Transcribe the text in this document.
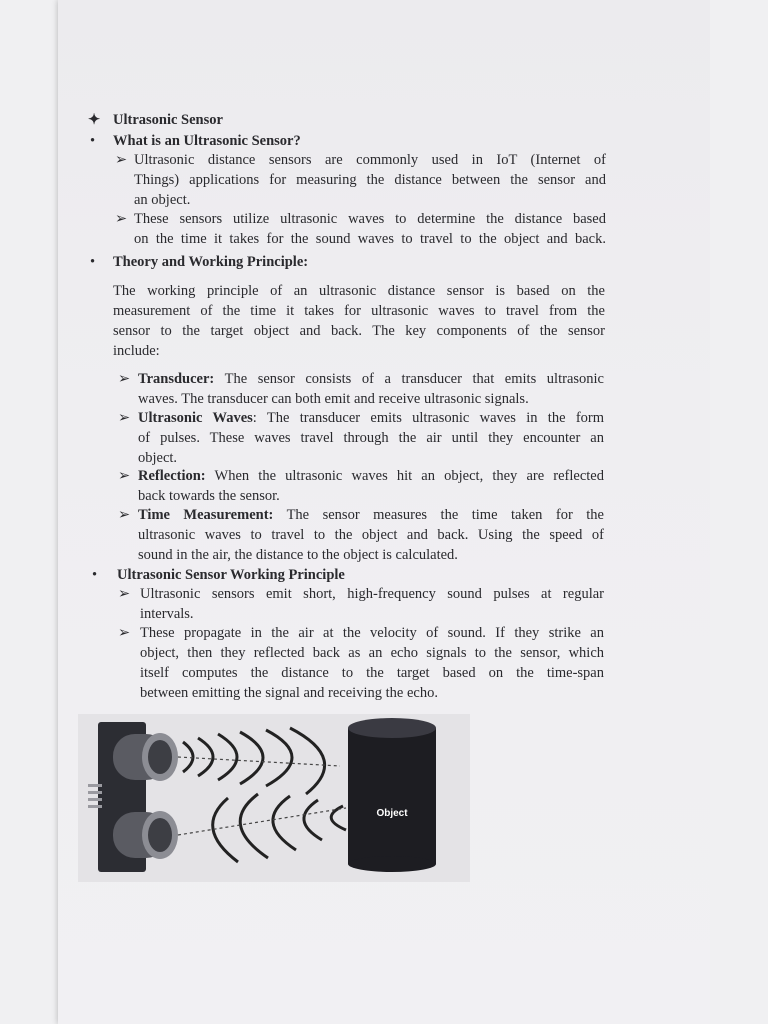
✦ Ultrasonic Sensor
• What is an Ultrasonic Sensor?
➢ Ultrasonic distance sensors are commonly used in IoT (Internet of
Things) applications for measuring the distance between the sensor and
an object.
➢ These sensors utilize ultrasonic waves to determine the distance based
on the time it takes for the sound waves to travel to the object and back.
• Theory and Working Principle:
The working principle of an ultrasonic distance sensor is based on the
measurement of the time it takes for ultrasonic waves to travel from the
sensor to the target object and back. The key components of the sensor
include:
➢ Transducer: The sensor consists of a transducer that emits ultrasonic
waves. The transducer can both emit and receive ultrasonic signals.
➢ Ultrasonic Waves: The transducer emits ultrasonic waves in the form
of pulses. These waves travel through the air until they encounter an
object.
➢ Reflection: When the ultrasonic waves hit an object, they are reflected
back towards the sensor.
➢ Time Measurement: The sensor measures the time taken for the
ultrasonic waves to travel to the object and back. Using the speed of
sound in the air, the distance to the object is calculated.
• Ultrasonic Sensor Working Principle
➢ Ultrasonic sensors emit short, high-frequency sound pulses at regular
intervals.
➢ These propagate in the air at the velocity of sound. If they strike an
object, then they reflected back as an echo signals to the sensor, which
itself computes the distance to the target based on the time-span
between emitting the signal and receiving the echo.
Object
